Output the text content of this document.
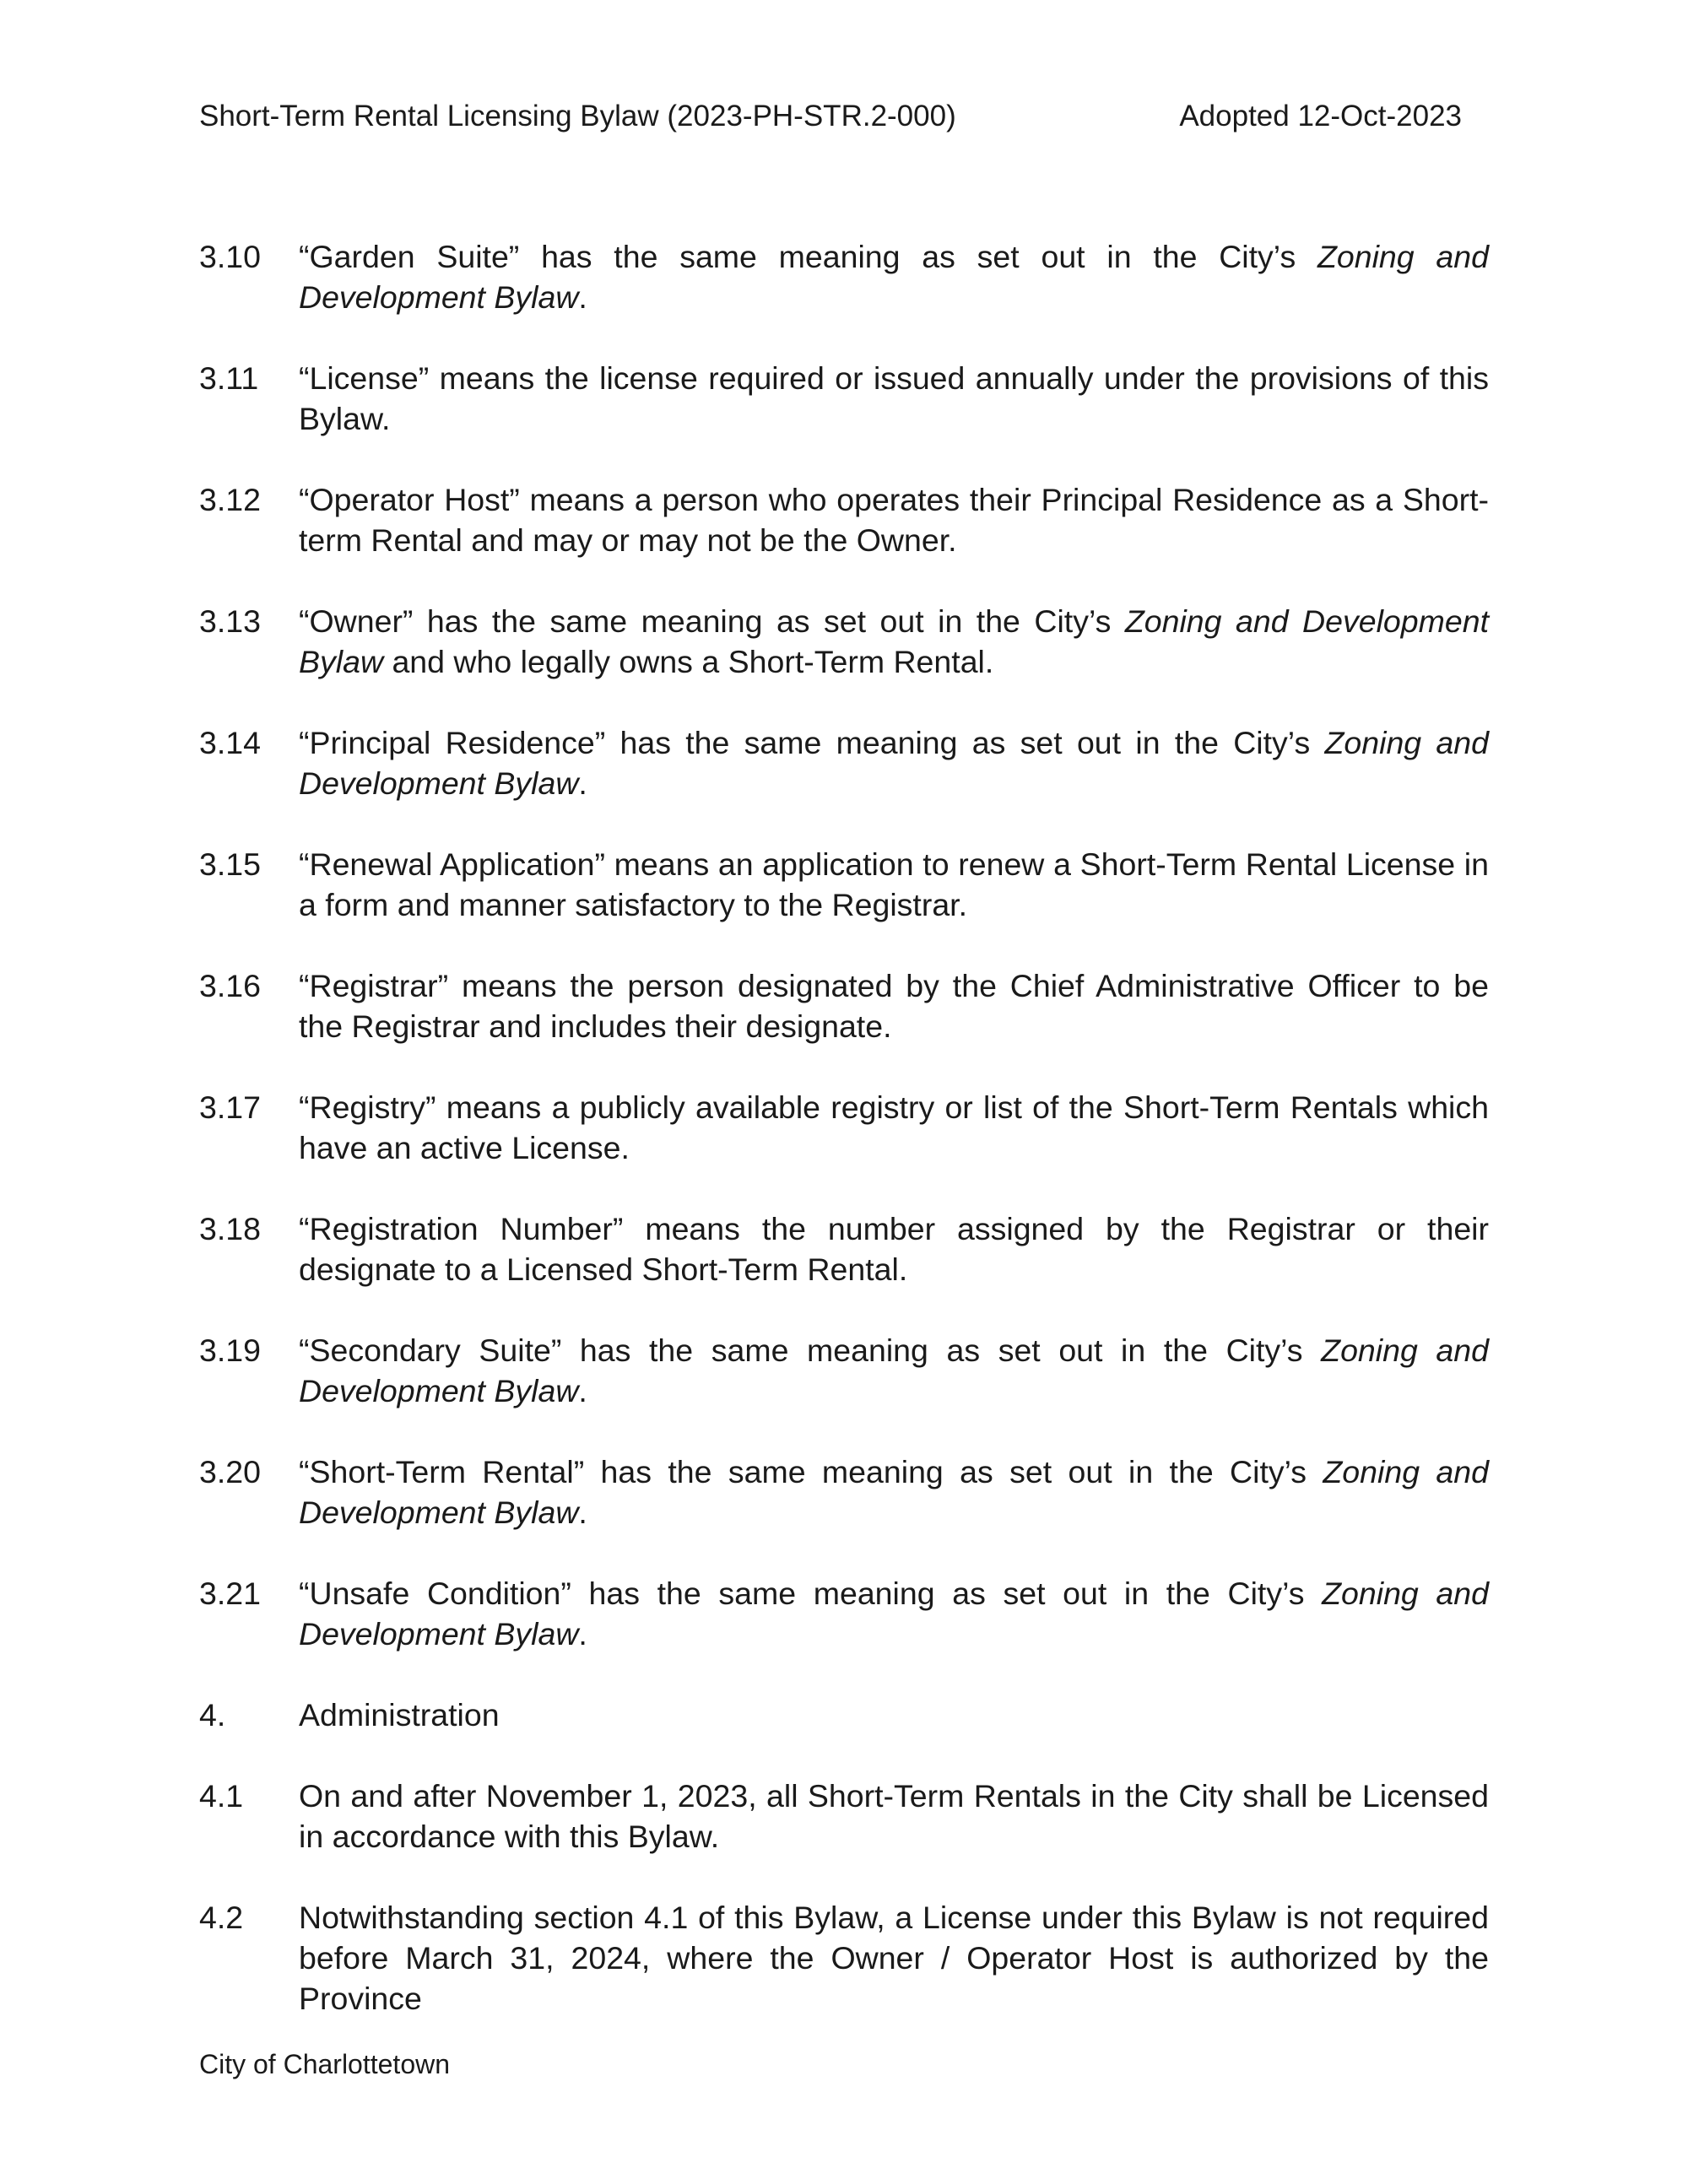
Short-Term Rental Licensing Bylaw (2023-PH-STR.2-000)	Adopted 12-Oct-2023
3.10	“Garden Suite” has the same meaning as set out in the City’s Zoning and Development Bylaw.
3.11	“License” means the license required or issued annually under the provisions of this Bylaw.
3.12	“Operator Host” means a person who operates their Principal Residence as a Short-term Rental and may or may not be the Owner.
3.13	“Owner” has the same meaning as set out in the City’s Zoning and Development Bylaw and who legally owns a Short-Term Rental.
3.14	“Principal Residence” has the same meaning as set out in the City’s Zoning and Development Bylaw.
3.15	“Renewal Application” means an application to renew a Short-Term Rental License in a form and manner satisfactory to the Registrar.
3.16	“Registrar” means the person designated by the Chief Administrative Officer to be the Registrar and includes their designate.
3.17	“Registry” means a publicly available registry or list of the Short-Term Rentals which have an active License.
3.18	“Registration Number” means the number assigned by the Registrar or their designate to a Licensed Short-Term Rental.
3.19	“Secondary Suite” has the same meaning as set out in the City’s Zoning and Development Bylaw.
3.20	“Short-Term Rental” has the same meaning as set out in the City’s Zoning and Development Bylaw.
3.21	“Unsafe Condition” has the same meaning as set out in the City’s Zoning and Development Bylaw.
4.	Administration
4.1	On and after November 1, 2023, all Short-Term Rentals in the City shall be Licensed in accordance with this Bylaw.
4.2	Notwithstanding section 4.1 of this Bylaw, a License under this Bylaw is not required before March 31, 2024, where the Owner / Operator Host is authorized by the Province
City of Charlottetown
